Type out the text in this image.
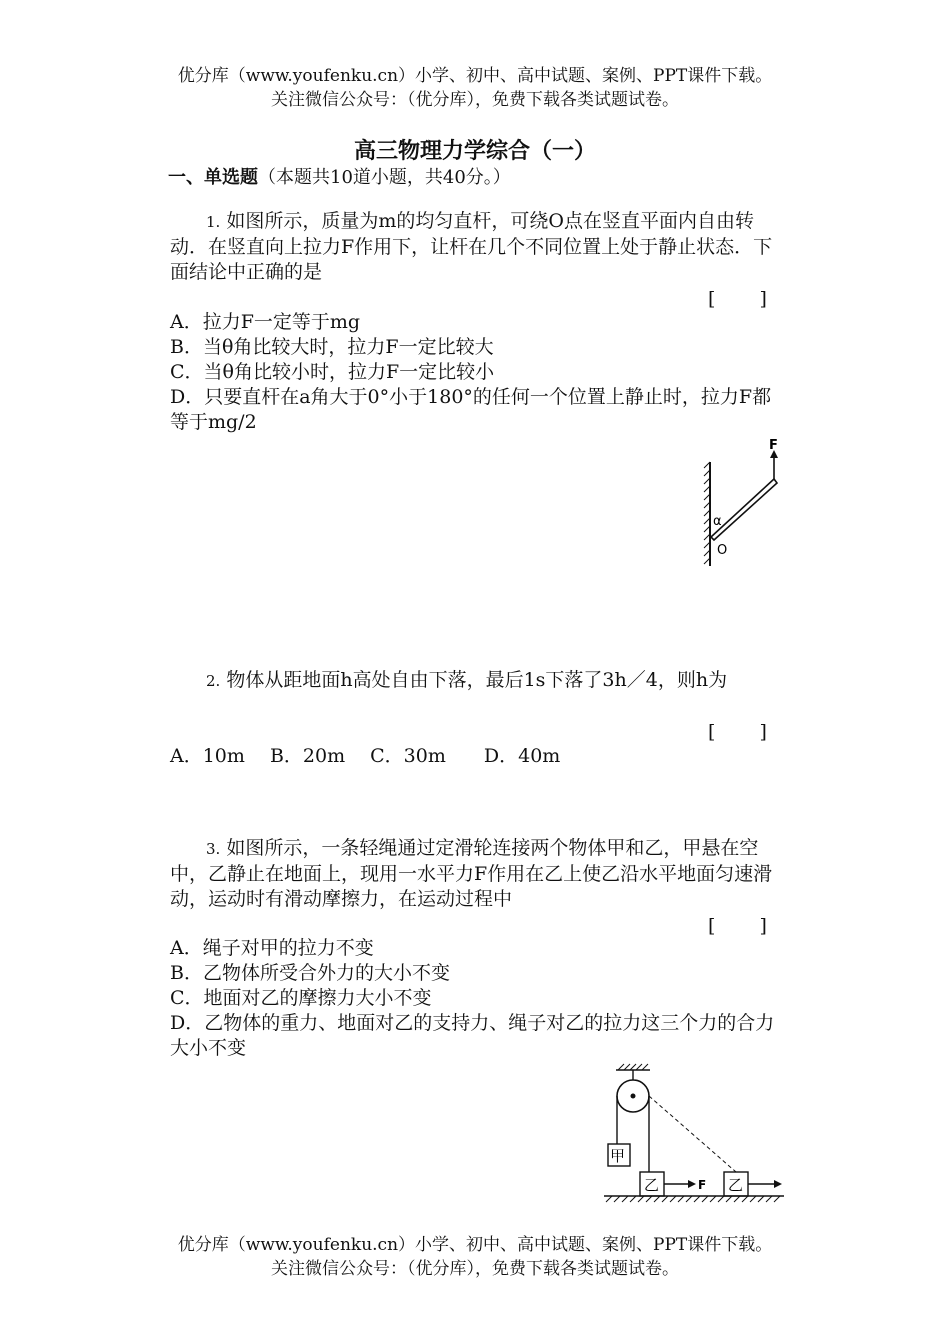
优分库（www.youfenku.cn）小学、初中、高中试题、案例、PPT课件下载。
关注微信公众号：（优分库），免费下载各类试题试卷。
高三物理力学综合（一）
一、单选题（本题共10道小题，共40分。）
1. 如图所示，质量为m的均匀直杆，可绕O点在竖直平面内自由转动．在竖直向上拉力F作用下，让杆在几个不同位置上处于静止状态．下面结论中正确的是
[　　 ]
A．拉力F一定等于mg
B．当θ角比较大时，拉力F一定比较大
C．当θ角比较小时，拉力F一定比较小
D．只要直杆在a角大于0°小于180°的任何一个位置上静止时，拉力F都等于mg/2
F
α
O
2. 物体从距地面h高处自由下落，最后1s下落了3h／4，则h为
[　　 ]
A．10m　 B．20m　 C．30m　　D．40m
3. 如图所示，一条轻绳通过定滑轮连接两个物体甲和乙，甲悬在空中，乙静止在地面上，现用一水平力F作用在乙上使乙沿水平地面匀速滑动，运动时有滑动摩擦力，在运动过程中
[　　 ]
A．绳子对甲的拉力不变
B．乙物体所受合外力的大小不变
C．地面对乙的摩擦力大小不变
D．乙物体的重力、地面对乙的支持力、绳子对乙的拉力这三个力的合力大小不变
甲
乙	F 乙
优分库（www.youfenku.cn）小学、初中、高中试题、案例、PPT课件下载。
关注微信公众号：（优分库），免费下载各类试题试卷。
